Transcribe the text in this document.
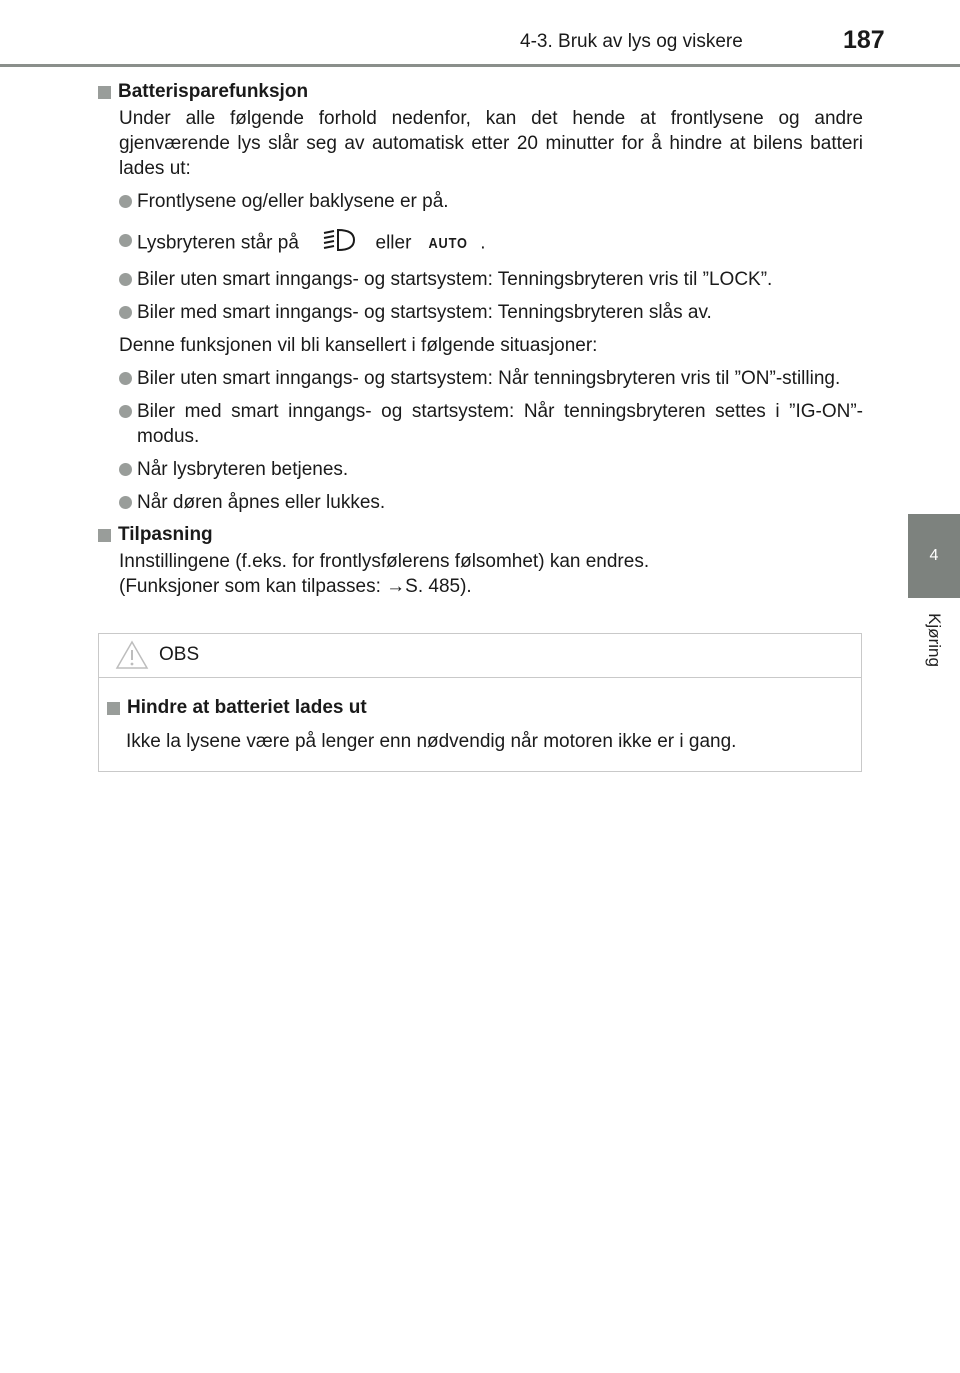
4-3. Bruk av lys og viskere	187
4
Kjøring
Batterisparefunksjon
Under alle følgende forhold nedenfor, kan det hende at frontlysene og andre gjenværende lys slår seg av automatisk etter 20 minutter for å hindre at bilens batteri lades ut:
Frontlysene og/eller baklysene er på.
Lysbryteren står på	eller AUTO .
Biler uten smart inngangs- og startsystem: Tenningsbryteren vris til ”LOCK”.
Biler med smart inngangs- og startsystem: Tenningsbryteren slås av.
Denne funksjonen vil bli kansellert i følgende situasjoner:
Biler uten smart inngangs- og startsystem: Når tenningsbryteren vris til ”ON”-stilling.
Biler med smart inngangs- og startsystem: Når tenningsbryteren settes i ”IG-ON”-modus.
Når lysbryteren betjenes.
Når døren åpnes eller lukkes.
Tilpasning
Innstillingene (f.eks. for frontlysfølerens følsomhet) kan endres.
(Funksjoner som kan tilpasses: →S. 485).
OBS
Hindre at batteriet lades ut
Ikke la lysene være på lenger enn nødvendig når motoren ikke er i gang.
